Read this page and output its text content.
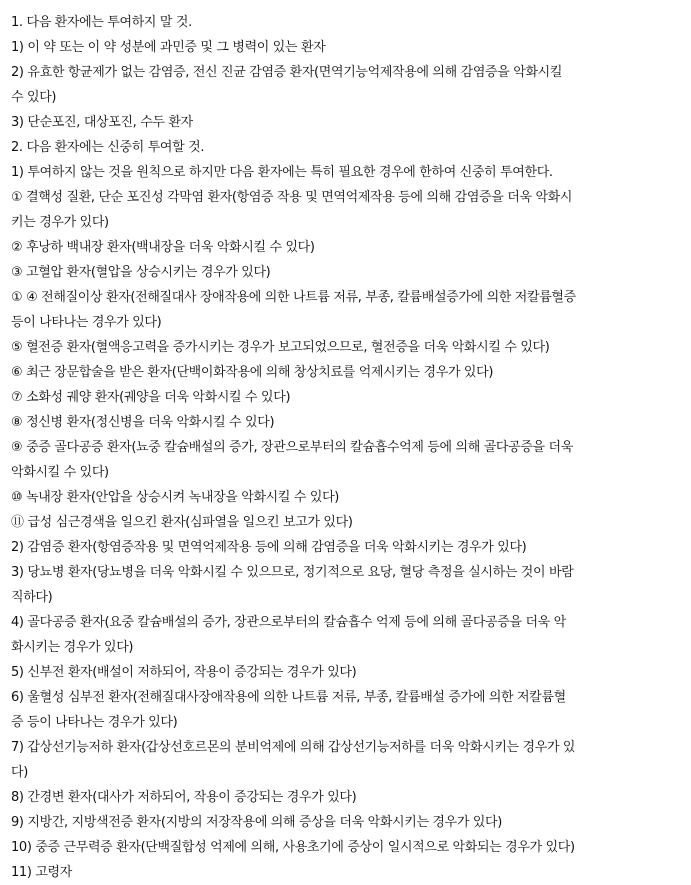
1. 다음 환자에는 투여하지 말 것.
1) 이 약 또는 이 약 성분에 과민증 및 그 병력이 있는 환자
2) 유효한 항균제가 없는 감염증, 전신 진균 감염증 환자(면역기능억제작용에 의해 감염증을 악화시킬
수 있다)
3) 단순포진, 대상포진, 수두 환자
2. 다음 환자에는 신중히 투여할 것.
1) 투여하지 않는 것을 원칙으로 하지만 다음 환자에는 특히 필요한 경우에 한하여 신중히 투여한다.
① 결핵성 질환, 단순 포진성 각막염 환자(항염증 작용 및 면역억제작용 등에 의해 감염증을 더욱 악화시
키는 경우가 있다)
② 후낭하 백내장 환자(백내장을 더욱 악화시킬 수 있다)
③ 고혈압 환자(혈압을 상승시키는 경우가 있다)
① ④ 전해질이상 환자(전해질대사 장애작용에 의한 나트륨 저류, 부종, 칼륨배설증가에 의한 저칼륨혈증
등이 나타나는 경우가 있다)
⑤ 혈전증 환자(혈액응고력을 증가시키는 경우가 보고되었으므로, 혈전증을 더욱 악화시킬 수 있다)
⑥ 최근 장문합술을 받은 환자(단백이화작용에 의해 창상치료를 억제시키는 경우가 있다)
⑦ 소화성 궤양 환자(궤양을 더욱 악화시킬 수 있다)
⑧ 정신병 환자(정신병을 더욱 악화시킬 수 있다)
⑨ 중증 골다공증 환자(뇨중 칼슘배설의 증가, 장관으로부터의 칼슘흡수억제 등에 의해 골다공증을 더욱
악화시킬 수 있다)
⑩ 녹내장 환자(안압을 상승시켜 녹내장을 악화시킬 수 있다)
⑪ 급성 심근경색을 일으킨 환자(심파열을 일으킨 보고가 있다)
2) 감염증 환자(항염증작용 및 면역억제작용 등에 의해 감염증을 더욱 악화시키는 경우가 있다)
3) 당뇨병 환자(당뇨병을 더욱 악화시킬 수 있으므로, 정기적으로 요당, 혈당 측정을 실시하는 것이 바람
직하다)
4) 골다공증 환자(요중 칼슘배설의 증가, 장관으로부터의 칼슘흡수 억제 등에 의해 골다공증을 더욱 악
화시키는 경우가 있다)
5) 신부전 환자(배설이 저하되어, 작용이 증강되는 경우가 있다)
6) 울혈성 심부전 환자(전해질대사장애작용에 의한 나트륨 저류, 부종, 칼륨배설 증가에 의한 저칼륨혈
증 등이 나타나는 경우가 있다)
7) 갑상선기능저하 환자(갑상선호르몬의 분비억제에 의해 갑상선기능저하를 더욱 악화시키는 경우가 있
다)
8) 간경변 환자(대사가 저하되어, 작용이 증강되는 경우가 있다)
9) 지방간, 지방색전증 환자(지방의 저장작용에 의해 증상을 더욱 악화시키는 경우가 있다)
10) 중증 근무력증 환자(단백질합성 억제에 의해, 사용초기에 증상이 일시적으로 악화되는 경우가 있다)
11) 고령자
